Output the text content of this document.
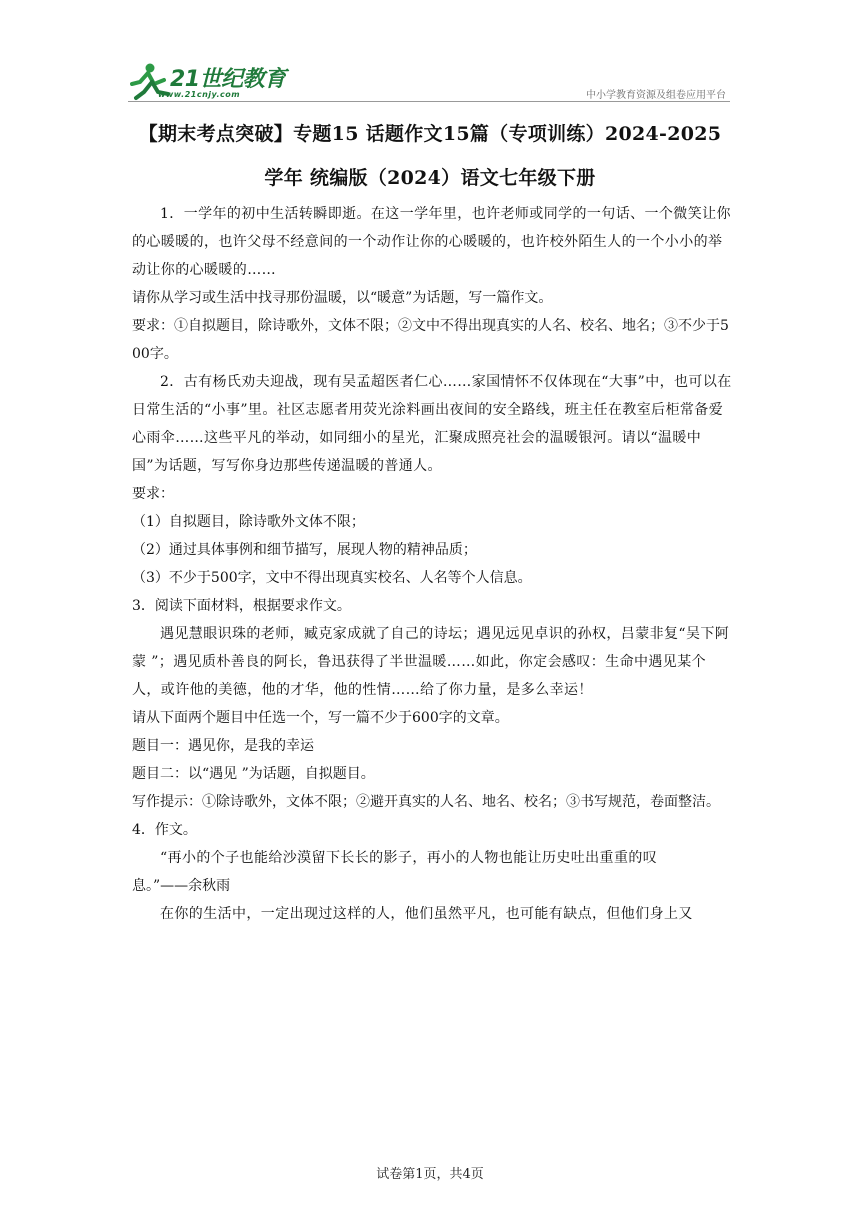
21世纪教育
www.21cnjy.com	中小学教育资源及组卷应用平台
【期末考点突破】专题15 话题作文15篇（专项训练）2024-2025
学年 统编版（2024）语文七年级下册

1．一学年的初中生活转瞬即逝。在这一学年里，也许老师或同学的一句话、一个微笑让你的心暖暖的，也许父母不经意间的一个动作让你的心暖暖的，也许校外陌生人的一个小小的举动让你的心暖暖的……

请你从学习或生活中找寻那份温暖，以“暖意”为话题，写一篇作文。

要求：①自拟题目，除诗歌外，文体不限；②文中不得出现真实的人名、校名、地名；③不少于500字。

2．古有杨氏劝夫迎战，现有吴孟超医者仁心……家国情怀不仅体现在“大事”中，也可以在日常生活的“小事”里。社区志愿者用荧光涂料画出夜间的安全路线，班主任在教室后柜常备爱心雨伞……这些平凡的举动，如同细小的星光，汇聚成照亮社会的温暖银河。请以“温暖中国”为话题，写写你身边那些传递温暖的普通人。

要求：

（1）自拟题目，除诗歌外文体不限；

（2）通过具体事例和细节描写，展现人物的精神品质；

（3）不少于500字，文中不得出现真实校名、人名等个人信息。

3．阅读下面材料，根据要求作文。

遇见慧眼识珠的老师，臧克家成就了自己的诗坛；遇见远见卓识的孙权，吕蒙非复“吴下阿蒙 ”；遇见质朴善良的阿长，鲁迅获得了半世温暖……如此，你定会感叹：生命中遇见某个人，或许他的美德，他的才华，他的性情……给了你力量，是多么幸运！

请从下面两个题目中任选一个，写一篇不少于600字的文章。

题目一：遇见你，是我的幸运

题目二：以“遇见 ”为话题，自拟题目。

写作提示：①除诗歌外，文体不限；②避开真实的人名、地名、校名；③书写规范，卷面整洁。

4．作文。

“再小的个子也能给沙漠留下长长的影子，再小的人物也能让历史吐出重重的叹

息。”——余秋雨

在你的生活中，一定出现过这样的人，他们虽然平凡，也可能有缺点，但他们身上又

试卷第1页，共4页
